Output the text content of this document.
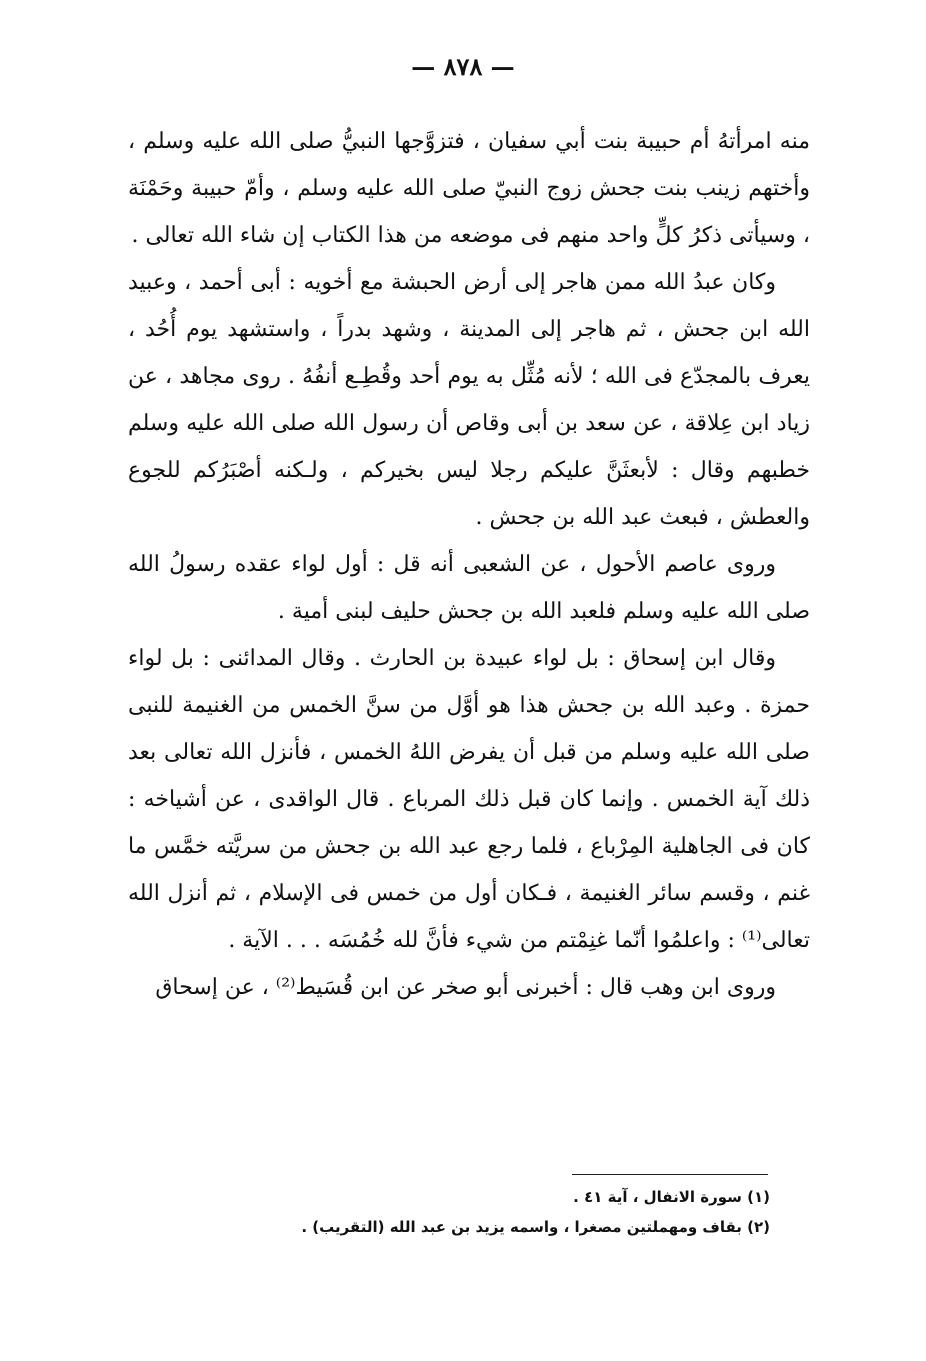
— ٨٧٨ —

منه امرأتهُ أم حبيبة بنت أبي سفيان ، فتزوَّجها النبيُّ صلى الله عليه وسلم ، وأختهم زينب بنت جحش زوج النبيّ صلى الله عليه وسلم ، وأمّ حبيبة وحَمْنَة ، وسيأتى ذكرُ كلٍّ واحد منهم فى موضعه من هذا الكتاب إن شاء الله تعالى .

وكان عبدُ الله ممن هاجر إلى أرض الحبشة مع أخويه : أبى أحمد ، وعبيد الله ابن جحش ، ثم هاجر إلى المدينة ، وشهد بدراً ، واستشهد يوم أُحُد ، يعرف بالمجدّع فى الله ؛ لأنه مُثِّل به يوم أحد وقُطِـع أنفُهُ . روى مجاهد ، عن زياد ابن عِلاقة ، عن سعد بن أبى وقاص أن رسول الله صلى الله عليه وسلم خطبهم وقال : لأبعثَنَّ عليكم رجلا ليس بخيركم ، ولـكنه أصْبَرُكم للجوع والعطش ، فبعث عبد الله بن جحش .

وروى عاصم الأحول ، عن الشعبى أنه قل : أول لواء عقده رسولُ الله صلى الله عليه وسلم فلعبد الله بن جحش حليف لبنى أمية .

وقال ابن إسحاق : بل لواء عبيدة بن الحارث . وقال المدائنى : بل لواء حمزة . وعبد الله بن جحش هذا هو أوَّل من سنَّ الخمس من الغنيمة للنبى صلى الله عليه وسلم من قبل أن يفرض اللهُ الخمس ، فأنزل الله تعالى بعد ذلك آية الخمس . وإنما كان قبل ذلك المرباع . قال الواقدى ، عن أشياخه : كان فى الجاهلية المِرْباع ، فلما رجع عبد الله بن جحش من سريَّته خمَّس ما غنم ، وقسم سائر الغنيمة ، فـكان أول من خمس فى الإسلام ، ثم أنزل الله تعالى⁽¹⁾ : واعلمُوا أنّما غنِمْتم من شيء فأنَّ لله خُمُسَه . . . الآية .

وروى ابن وهب قال : أخبرنى أبو صخر عن ابن قُسَيط⁽²⁾ ، عن إسحاق

(١) سورة الانفال ، آية ٤١ .
(٢) بقاف ومهملتين مصغرا ، واسمه يزيد بن عبد الله (التقريب) .
